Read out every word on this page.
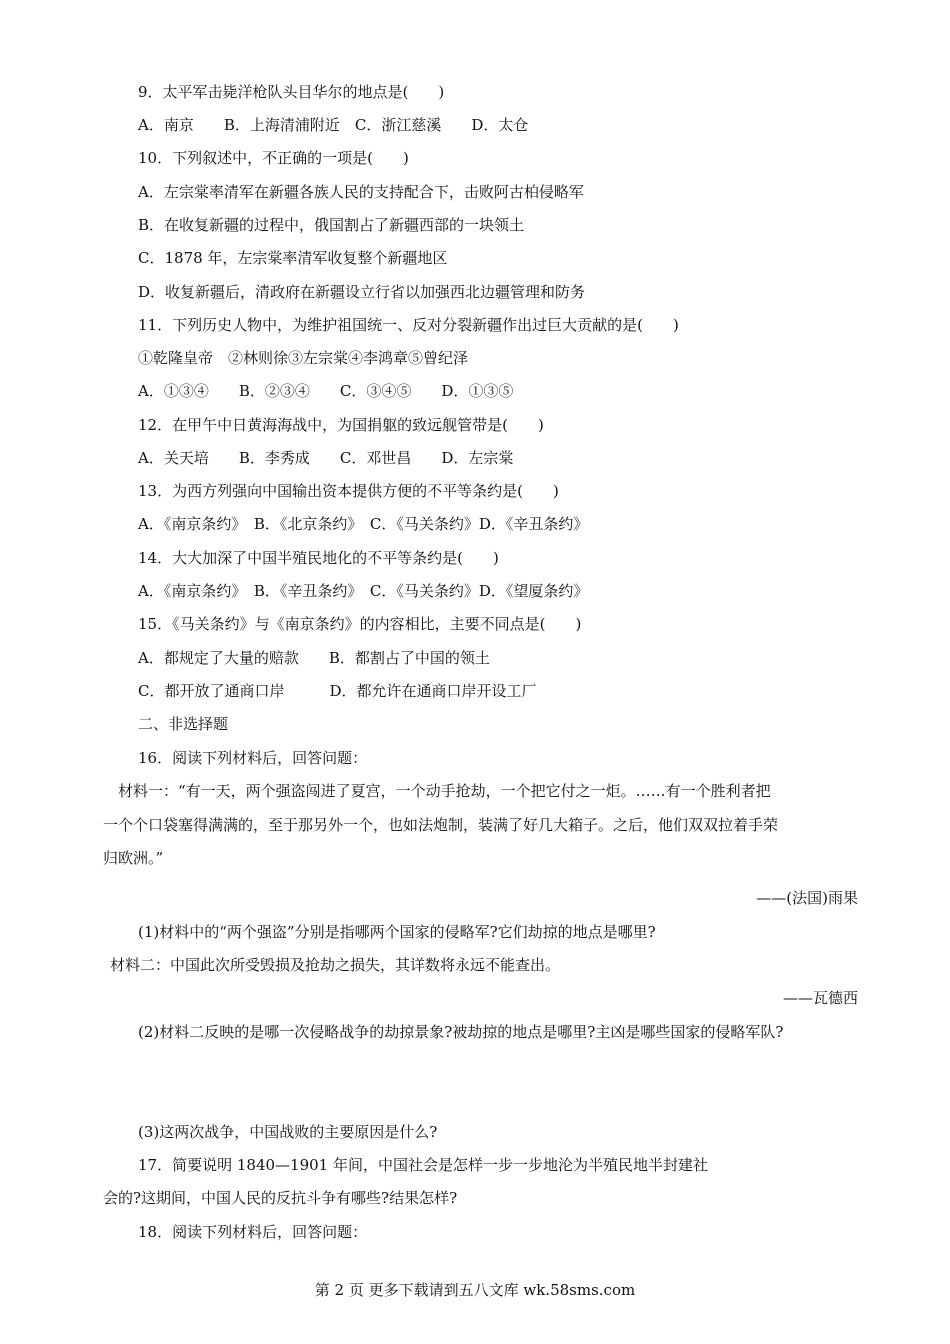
9．太平军击毙洋枪队头目华尔的地点是(　　)
A．南京　　B．上海清浦附近　C．浙江慈溪　　D．太仓
10．下列叙述中，不正确的一项是(　　)
A．左宗棠率清军在新疆各族人民的支持配合下，击败阿古柏侵略军
B．在收复新疆的过程中，俄国割占了新疆西部的一块领土
C．1878 年，左宗棠率清军收复整个新疆地区
D．收复新疆后，清政府在新疆设立行省以加强西北边疆管理和防务
11．下列历史人物中，为维护祖国统一、反对分裂新疆作出过巨大贡献的是(　　)
①乾隆皇帝　②林则徐③左宗棠④李鸿章⑤曾纪泽
A．①③④　　B．②③④　　C．③④⑤　　D．①③⑤
12．在甲午中日黄海海战中，为国捐躯的致远舰管带是(　　)
A．关天培　　B．李秀成　　C．邓世昌　　D．左宗棠
13．为西方列强向中国输出资本提供方便的不平等条约是(　　)
A．《南京条约》　B．《北京条约》　C．《马关条约》D．《辛丑条约》
14．大大加深了中国半殖民地化的不平等条约是(　　)
A．《南京条约》　B．《辛丑条约》　C．《马关条约》D．《望厦条约》
15．《马关条约》与《南京条约》的内容相比，主要不同点是(　　)
A．都规定了大量的赔款　　B．都割占了中国的领土
C．都开放了通商口岸　　　D．都允许在通商口岸开设工厂
二、非选择题
16．阅读下列材料后，回答问题：
材料一：“有一天，两个强盗闯进了夏宫，一个动手抢劫，一个把它付之一炬。……有一个胜利者把
一个个口袋塞得满满的，至于那另外一个，也如法炮制，装满了好几大箱子。之后，他们双双拉着手荣
归欧洲。”
——(法国)雨果
(1)材料中的“两个强盗”分别是指哪两个国家的侵略军?它们劫掠的地点是哪里?
材料二：中国此次所受毁损及抢劫之损失，其详数将永远不能查出。
——瓦德西
(2)材料二反映的是哪一次侵略战争的劫掠景象?被劫掠的地点是哪里?主凶是哪些国家的侵略军队?
(3)这两次战争，中国战败的主要原因是什么?
17．简要说明 1840—1901 年间，中国社会是怎样一步一步地沦为半殖民地半封建社
会的?这期间，中国人民的反抗斗争有哪些?结果怎样?
18．阅读下列材料后，回答问题：
第 2 页 更多下载请到五八文库 wk.58sms.com
